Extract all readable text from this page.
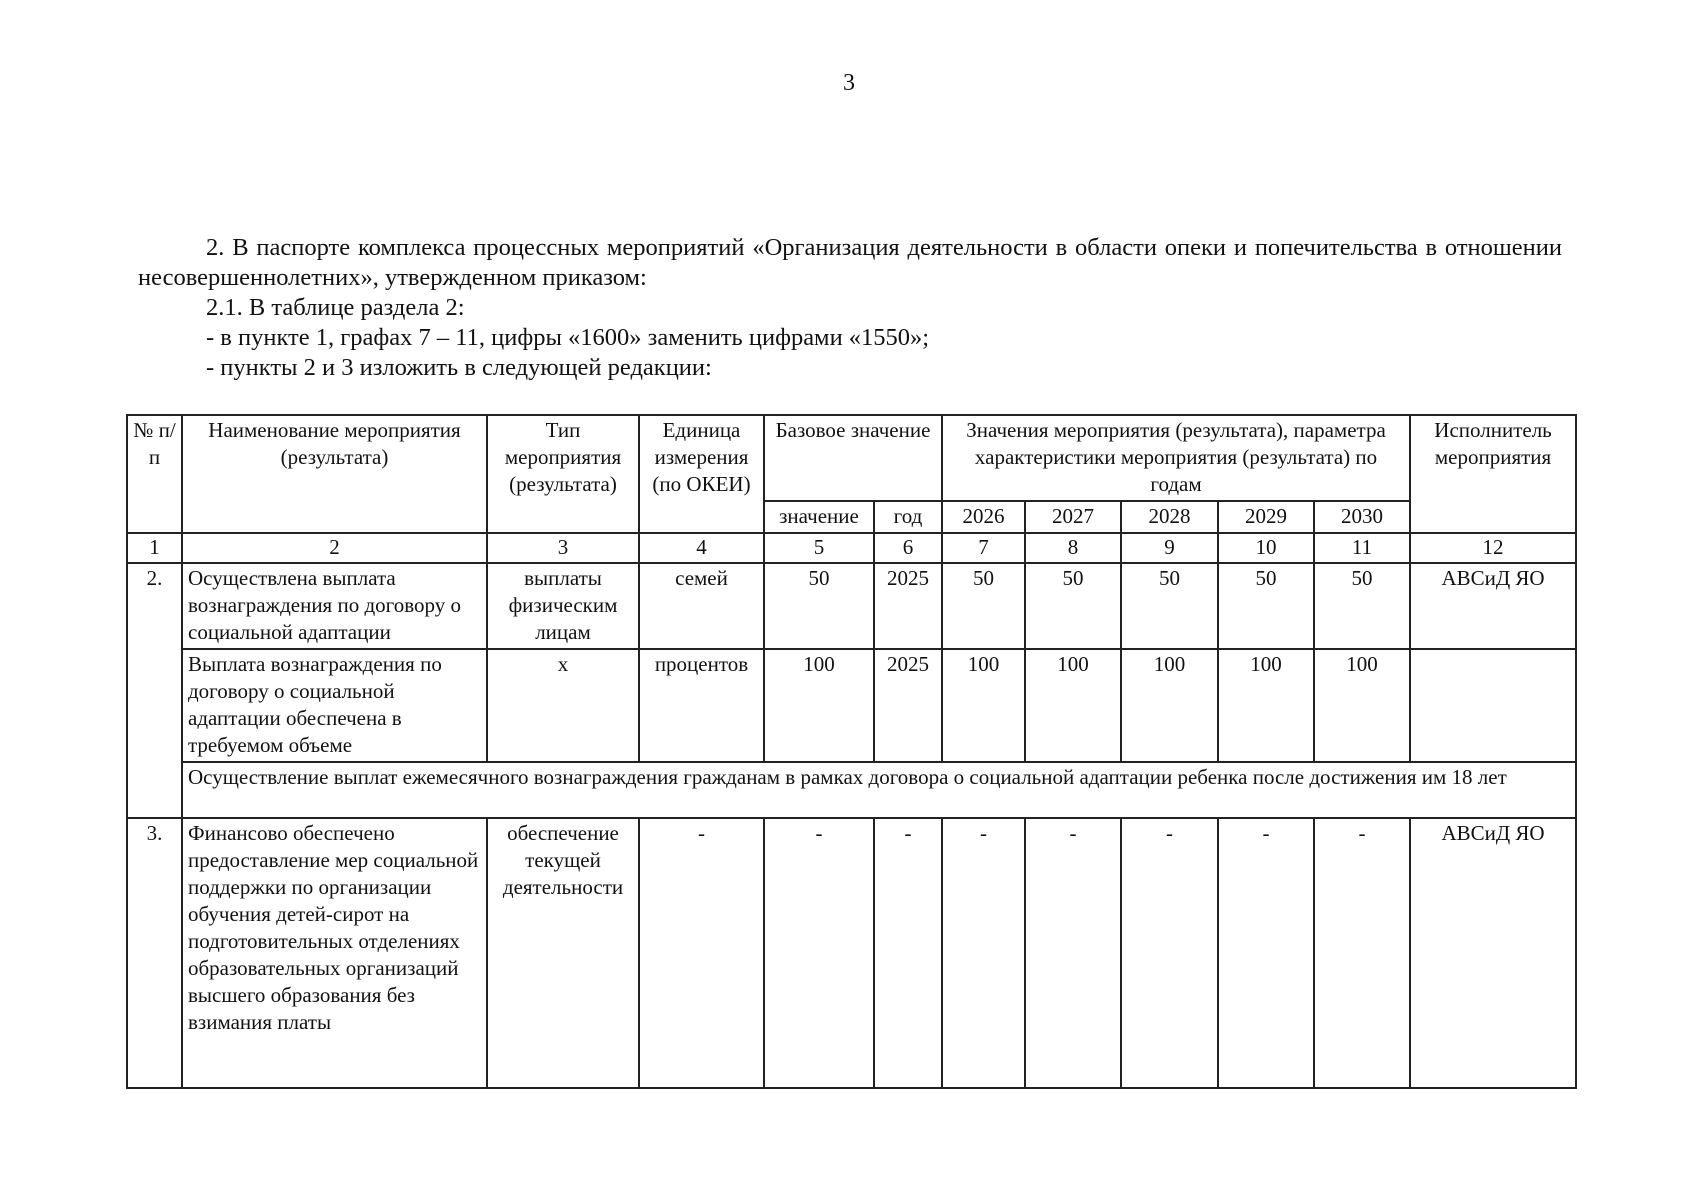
3

2. В паспорте комплекса процессных мероприятий «Организация деятельности в области опеки и попечительства в отношении несовершеннолетних», утвержденном приказом:

2.1. В таблице раздела 2:

- в пункте 1, графах 7 – 11, цифры «1600» заменить цифрами «1550»;

- пункты 2 и 3 изложить в следующей редакции:

№ п/п	Наименование мероприятия (результата)	Тип мероприятия (результата)	Единица измерения (по ОКЕИ)	Базовое значение		Значения мероприятия (результата), параметра характеристики мероприятия (результата) по годам					Исполнитель мероприятия
				значение	год	2026	2027	2028	2029	2030	
1	2	3	4	5	6	7	8	9	10	11	12
2.	Осуществлена выплата вознаграждения по договору о социальной адаптации	выплаты физическим лицам	семей	50	2025	50	50	50	50	50	АВСиД ЯО
	Выплата вознаграждения по договору о социальной адаптации обеспечена в требуемом объеме	х	процентов	100	2025	100	100	100	100	100	
	Осуществление выплат ежемесячного вознаграждения гражданам в рамках договора о социальной адаптации ребенка после достижения им 18 лет										
3.	Финансово обеспечено предоставление мер социальной поддержки по организации обучения детей-сирот на подготовительных отделениях образовательных организаций высшего образования без взимания платы	обеспечение текущей деятельности	-	-	-	-	-	-	-	-	АВСиД ЯО
